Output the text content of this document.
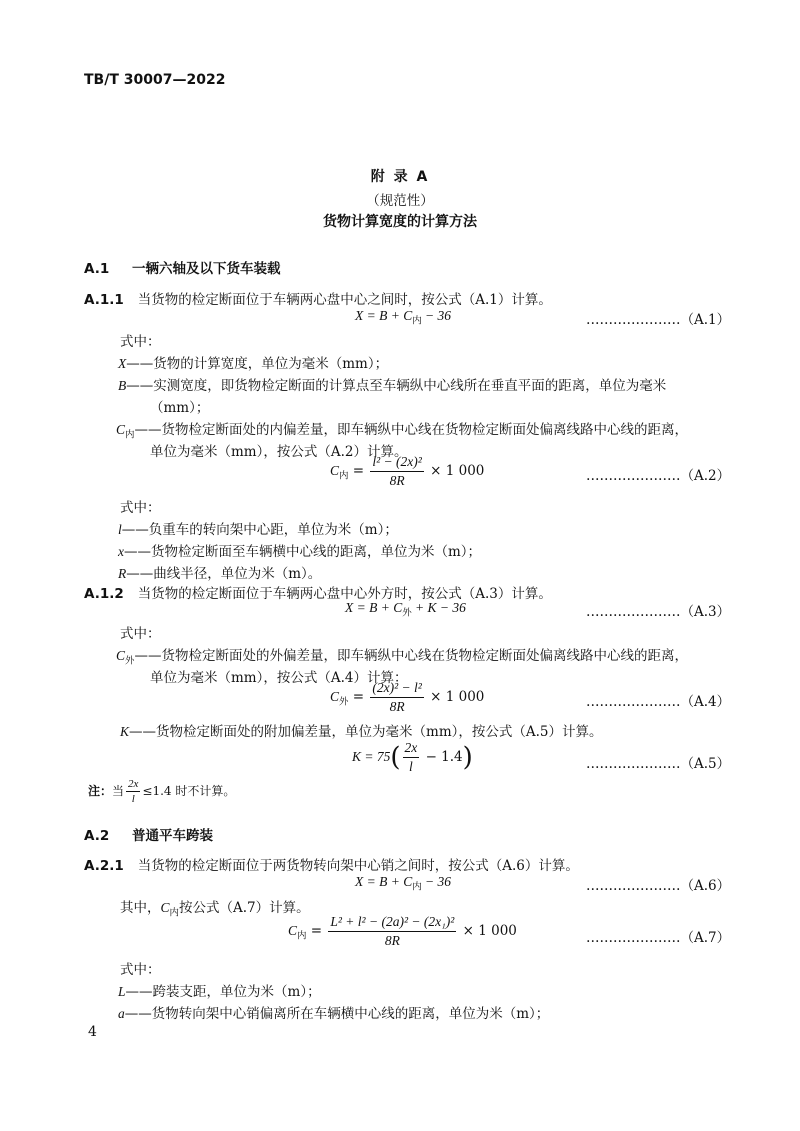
TB/T 30007—2022
附 录 A
（规范性）
货物计算宽度的计算方法
A.1 一辆六轴及以下货车装载
A.1.1 当货物的检定断面位于车辆两心盘中心之间时，按公式（A.1）计算。
$X = B + C_内 - 36$	…………………（A.1）
式中：
X——货物的计算宽度，单位为毫米（mm）；
B——实测宽度，即货物检定断面的计算点至车辆纵中心线所在垂直平面的距离，单位为毫米
（mm）；
$C_内——$货物检定断面处的内偏差量，即车辆纵中心线在货物检定断面处偏离线路中心线的距离，
单位为毫米（mm），按公式（A.2）计算。
$C_内 = \frac{\text{l² − (2x)²}}{8R} \times 1$ 000	…………………（A.2）
式中：
l——负重车的转向架中心距，单位为米（m）；
x——货物检定断面至车辆横中心线的距离，单位为米（m）；
R——曲线半径，单位为米（m）。
A.1.2 当货物的检定断面位于车辆两心盘中心外方时，按公式（A.3）计算。
$X = B + C_外 + K - 36$	…………………（A.3）
式中：
$C_外——$货物检定断面处的外偏差量，即车辆纵中心线在货物检定断面处偏离线路中心线的距离，
单位为毫米（mm），按公式（A.4）计算：
$C_外 = \frac{\text{(2x)² − l²}}{8R} \times 1$ 000	…………………（A.4）
K——货物检定断面处的附加偏差量，单位为毫米（mm），按公式（A.5）计算。
$K = 75( \frac{2x}{l} - 1.4)$	…………………（A.5）
注：当 $\frac{2x}{l} \le 1.4$ 时不计算。
A.2 普通平车跨装
A.2.1 当货物的检定断面位于两货物转向架中心销之间时，按公式（A.6）计算。
$X = B + C_内 - 36$	…………………（A.6）
其中，$C_内$按公式（A.7）计算。
$C_内 = \frac{\text{L² + l² − (2a)² − (2x₁)²}}{8R} \times 1$ 000	…………………（A.7）
式中：
L——跨装支距，单位为米（m）；
a——货物转向架中心销偏离所在车辆横中心线的距离，单位为米（m）；
4
